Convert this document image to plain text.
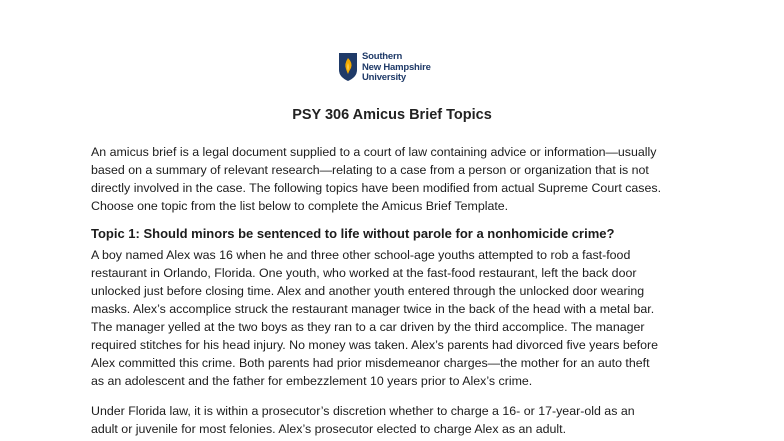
Southern
New Hampshire
University
PSY 306 Amicus Brief Topics
An amicus brief is a legal document supplied to a court of law containing advice or information—usually
based on a summary of relevant research—relating to a case from a person or organization that is not
directly involved in the case. The following topics have been modified from actual Supreme Court cases.
Choose one topic from the list below to complete the Amicus Brief Template.
Topic 1: Should minors be sentenced to life without parole for a nonhomicide crime?
A boy named Alex was 16 when he and three other school-age youths attempted to rob a fast-food
restaurant in Orlando, Florida. One youth, who worked at the fast-food restaurant, left the back door
unlocked just before closing time. Alex and another youth entered through the unlocked door wearing
masks. Alex’s accomplice struck the restaurant manager twice in the back of the head with a metal bar.
The manager yelled at the two boys as they ran to a car driven by the third accomplice. The manager
required stitches for his head injury. No money was taken. Alex’s parents had divorced five years before
Alex committed this crime. Both parents had prior misdemeanor charges—the mother for an auto theft
as an adolescent and the father for embezzlement 10 years prior to Alex’s crime.
Under Florida law, it is within a prosecutor’s discretion whether to charge a 16- or 17-year-old as an
adult or juvenile for most felonies. Alex’s prosecutor elected to charge Alex as an adult.
